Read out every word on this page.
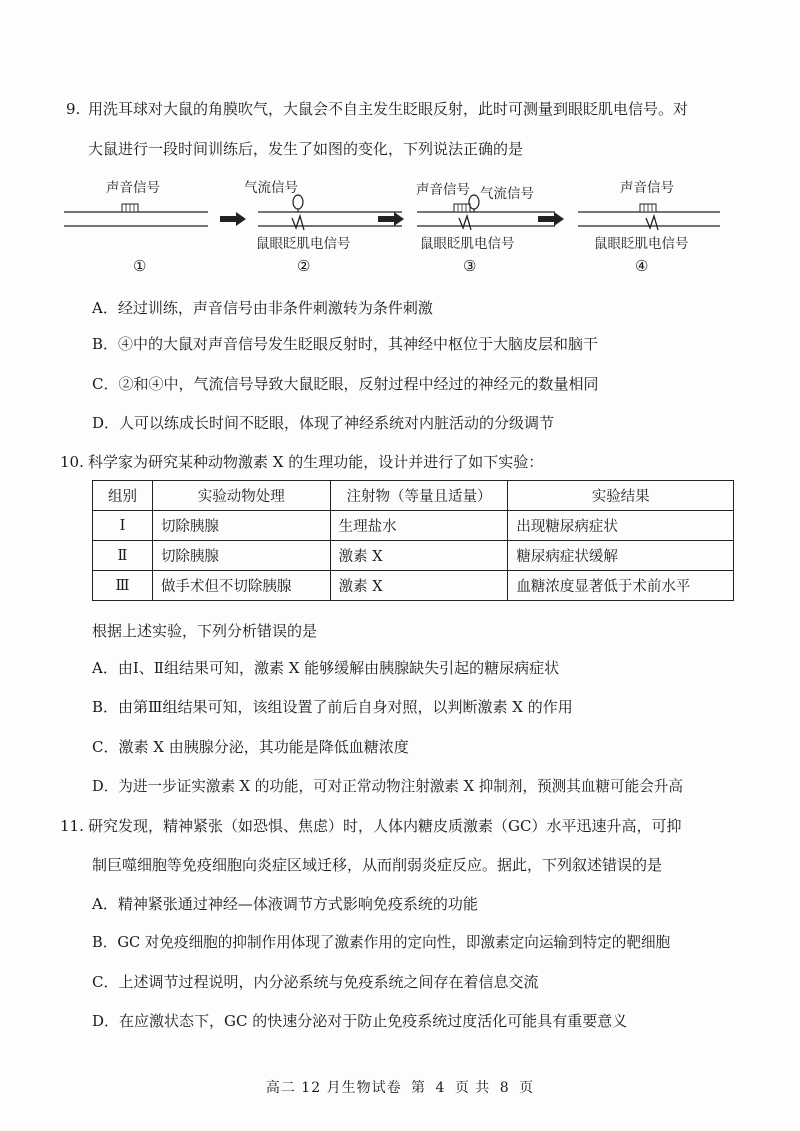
9. 用洗耳球对大鼠的角膜吹气，大鼠会不自主发生眨眼反射，此时可测量到眼眨肌电信号。对
大鼠进行一段时间训练后，发生了如图的变化，下列说法正确的是
声音信号	气流信号
鼠眼眨肌电信号
声音信号 气流信号
鼠眼眨肌电信号
声音信号
鼠眼眨肌电信号
①	②	③	④
A．经过训练，声音信号由非条件刺激转为条件刺激
B．④中的大鼠对声音信号发生眨眼反射时，其神经中枢位于大脑皮层和脑干
C．②和④中，气流信号导致大鼠眨眼，反射过程中经过的神经元的数量相同
D．人可以练成长时间不眨眼，体现了神经系统对内脏活动的分级调节
10. 科学家为研究某种动物激素 X 的生理功能，设计并进行了如下实验：
组别	实验动物处理	注射物（等量且适量）	实验结果
Ⅰ	切除胰腺	生理盐水	出现糖尿病症状
Ⅱ	切除胰腺	激素 X	糖尿病症状缓解
Ⅲ	做手术但不切除胰腺	激素 X	血糖浓度显著低于术前水平
根据上述实验，下列分析错误的是
A．由Ⅰ、Ⅱ组结果可知，激素 X 能够缓解由胰腺缺失引起的糖尿病症状
B．由第Ⅲ组结果可知，该组设置了前后自身对照，以判断激素 X 的作用
C．激素 X 由胰腺分泌，其功能是降低血糖浓度
D．为进一步证实激素 X 的功能，可对正常动物注射激素 X 抑制剂，预测其血糖可能会升高
11. 研究发现，精神紧张（如恐惧、焦虑）时，人体内糖皮质激素（GC）水平迅速升高，可抑
制巨噬细胞等免疫细胞向炎症区域迁移，从而削弱炎症反应。据此，下列叙述错误的是
A．精神紧张通过神经—体液调节方式影响免疫系统的功能
B．GC 对免疫细胞的抑制作用体现了激素作用的定向性，即激素定向运输到特定的靶细胞
C．上述调节过程说明，内分泌系统与免疫系统之间存在着信息交流
D．在应激状态下，GC 的快速分泌对于防止免疫系统过度活化可能具有重要意义
高二 12 月生物试卷 第 4 页 共 8 页
